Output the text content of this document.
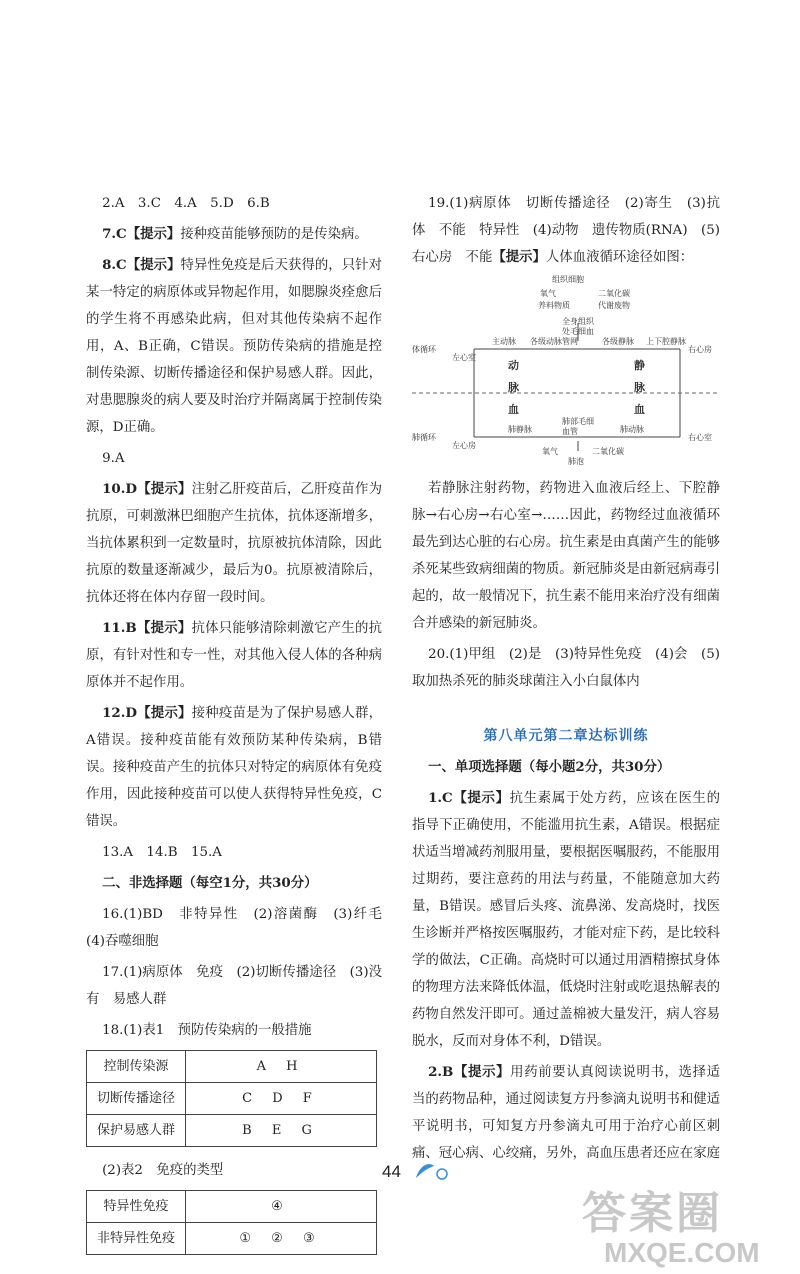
2.A　3.C　4.A　5.D　6.B

7.C【提示】接种疫苗能够预防的是传染病。

8.C【提示】特异性免疫是后天获得的，只针对某一特定的病原体或异物起作用，如腮腺炎痊愈后的学生将不再感染此病，但对其他传染病不起作用，A、B正确，C错误。预防传染病的措施是控制传染源、切断传播途径和保护易感人群。因此，对患腮腺炎的病人要及时治疗并隔离属于控制传染源，D正确。

9.A

10.D【提示】注射乙肝疫苗后，乙肝疫苗作为抗原，可刺激淋巴细胞产生抗体，抗体逐渐增多，当抗体累积到一定数量时，抗原被抗体清除，因此抗原的数量逐渐减少，最后为0。抗原被清除后，抗体还将在体内存留一段时间。

11.B【提示】抗体只能够清除刺激它产生的抗原，有针对性和专一性，对其他入侵人体的各种病原体并不起作用。

12.D【提示】接种疫苗是为了保护易感人群，A错误。接种疫苗能有效预防某种传染病，B错误。接种疫苗产生的抗体只对特定的病原体有免疫作用，因此接种疫苗可以使人获得特异性免疫，C错误。

13.A　14.B　15.A

二、非选择题（每空1分，共30分）

16.(1)BD　非特异性　(2)溶菌酶　(3)纤毛　(4)吞噬细胞

17.(1)病原体　免疫　(2)切断传播途径　(3)没有　易感人群

18.(1)表1　预防传染病的一般措施

控制传染源	A H
切断传播途径	C D F
保护易感人群	B E G

(2)表2　免疫的类型

特异性免疫	④
非特异性免疫	① ② ③

19.(1)病原体　切断传播途径　(2)寄生　(3)抗体　不能　特异性　(4)动物　遗传物质(RNA)　(5)右心房　不能【提示】人体血液循环途径如图：

组织细胞
氧气
养料物质
二氧化碳
代谢废物
全身组织处毛细血管网
体循环
左心室
主动脉 各级动脉	各级静脉 上下腔静脉
右心房
肺循环
左心房
肺静脉
肺部毛细血管	肺动脉
右心室
动
脉
血
静
脉
血
氧气	二氧化碳
肺泡

若静脉注射药物，药物进入血液后经上、下腔静脉→右心房→右心室→……因此，药物经过血液循环最先到达心脏的右心房。抗生素是由真菌产生的能够杀死某些致病细菌的物质。新冠肺炎是由新冠病毒引起的，故一般情况下，抗生素不能用来治疗没有细菌合并感染的新冠肺炎。

20.(1)甲组　(2)是　(3)特异性免疫　(4)会　(5)取加热杀死的肺炎球菌注入小白鼠体内

第八单元第二章达标训练

一、单项选择题（每小题2分，共30分）

1.C【提示】抗生素属于处方药，应该在医生的指导下正确使用，不能滥用抗生素，A错误。根据症状适当增减药剂服用量，要根据医嘱服药，不能服用过期药，要注意药的用法与药量，不能随意加大药量，B错误。感冒后头疼、流鼻涕、发高烧时，找医生诊断并严格按医嘱服药，才能对症下药，是比较科学的做法，C正确。高烧时可以通过用酒精擦拭身体的物理方法来降低体温，低烧时注射或吃退热解表的药物自然发汗即可。通过盖棉被大量发汗，病人容易脱水，反而对身体不利，D错误。

2.B【提示】用药前要认真阅读说明书，选择适当的药物品种，通过阅读复方丹参滴丸说明书和健适平说明书，可知复方丹参滴丸可用于治疗心前区刺痛、冠心病、心绞痛，另外，高血压患者还应在家庭

44
答案圈
MXQE.COM
